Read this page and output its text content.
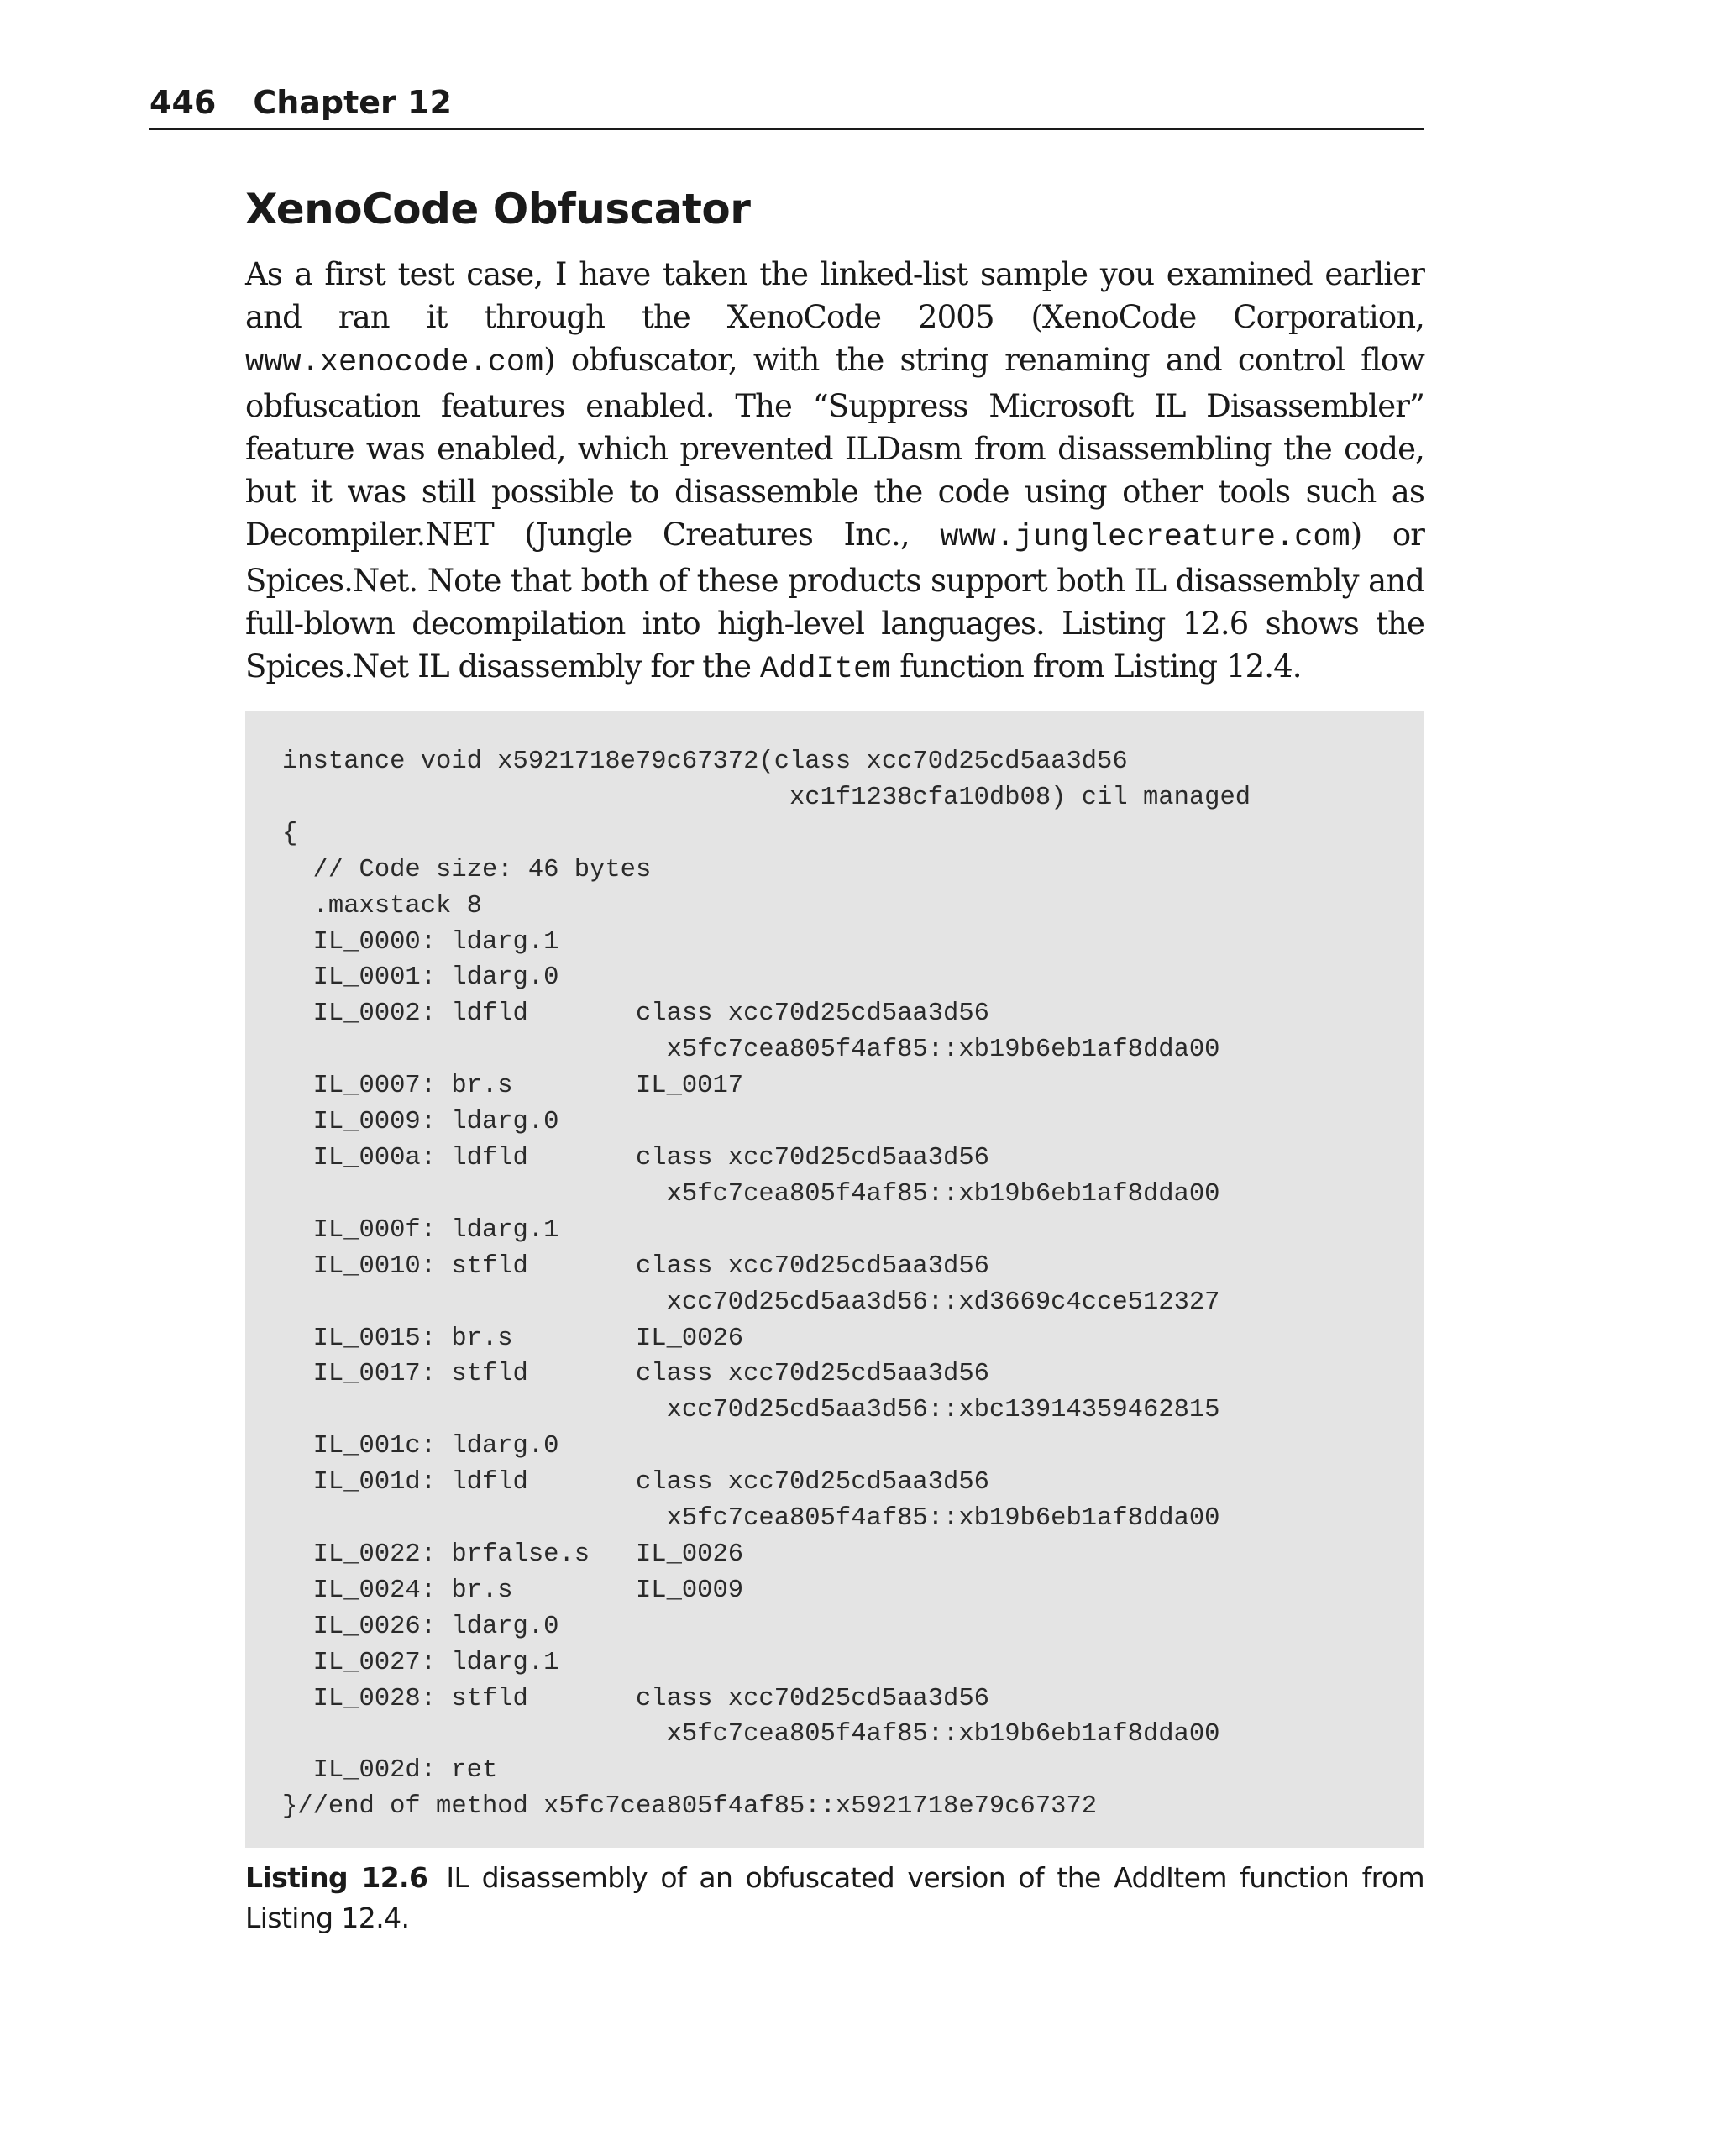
446 Chapter 12
XenoCode Obfuscator

As a first test case, I have taken the linked-list sample you examined earlier and ran it through the XenoCode 2005 (XenoCode Corporation, www.xenocode.com) obfuscator, with the string renaming and control flow obfuscation features enabled. The “Suppress Microsoft IL Disassembler” feature was enabled, which prevented ILDasm from disassembling the code, but it was still possible to disassemble the code using other tools such as Decompiler.NET (Jungle Creatures Inc., www.junglecreature.com) or Spices.Net. Note that both of these products support both IL disassembly and full-blown decompilation into high-level languages. Listing 12.6 shows the Spices.Net IL disassembly for the AddItem function from Listing 12.4.

instance void x5921718e79c67372(class xcc70d25cd5aa3d56
xc1f1238cfa10db08) cil managed
{
// Code size: 46 bytes
.maxstack 8
IL_0000: ldarg.1
IL_0001: ldarg.0
IL_0002: ldfld       class xcc70d25cd5aa3d56
x5fc7cea805f4af85::xb19b6eb1af8dda00
IL_0007: br.s        IL_0017
IL_0009: ldarg.0
IL_000a: ldfld       class xcc70d25cd5aa3d56
x5fc7cea805f4af85::xb19b6eb1af8dda00
IL_000f: ldarg.1
IL_0010: stfld       class xcc70d25cd5aa3d56
xcc70d25cd5aa3d56::xd3669c4cce512327
IL_0015: br.s        IL_0026
IL_0017: stfld       class xcc70d25cd5aa3d56
xcc70d25cd5aa3d56::xbc13914359462815
IL_001c: ldarg.0
IL_001d: ldfld       class xcc70d25cd5aa3d56
x5fc7cea805f4af85::xb19b6eb1af8dda00
IL_0022: brfalse.s   IL_0026
IL_0024: br.s        IL_0009
IL_0026: ldarg.0
IL_0027: ldarg.1
IL_0028: stfld       class xcc70d25cd5aa3d56
x5fc7cea805f4af85::xb19b6eb1af8dda00
IL_002d: ret
}//end of method x5fc7cea805f4af85::x5921718e79c67372

Listing 12.6 IL disassembly of an obfuscated version of the AddItem function from Listing 12.4.
